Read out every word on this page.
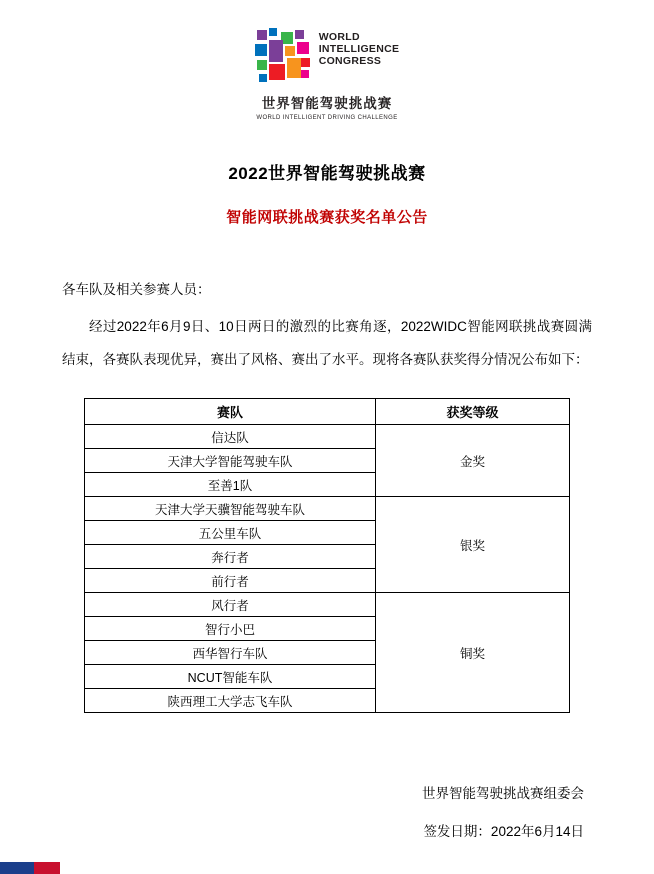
WORLD
INTELLIGENCE
CONGRESS
世界智能驾驶挑战赛
WORLD INTELLIGENT DRIVING CHALLENGE
2022世界智能驾驶挑战赛
智能网联挑战赛获奖名单公告
各车队及相关参赛人员：
经过2022年6月9日、10日两日的激烈的比赛角逐，2022WIDC智能网联挑战赛圆满结束，各赛队表现优异，赛出了风格、赛出了水平。现将各赛队获奖得分情况公布如下：
赛队	获奖等级
信达队	金奖
天津大学智能驾驶车队	
至善1队	
天津大学天骥智能驾驶车队	银奖
五公里车队	
奔行者	
前行者	
风行者	铜奖
智行小巴	
西华智行车队	
NCUT智能车队	
陕西理工大学志飞车队	
世界智能驾驶挑战赛组委会
签发日期：2022年6月14日
